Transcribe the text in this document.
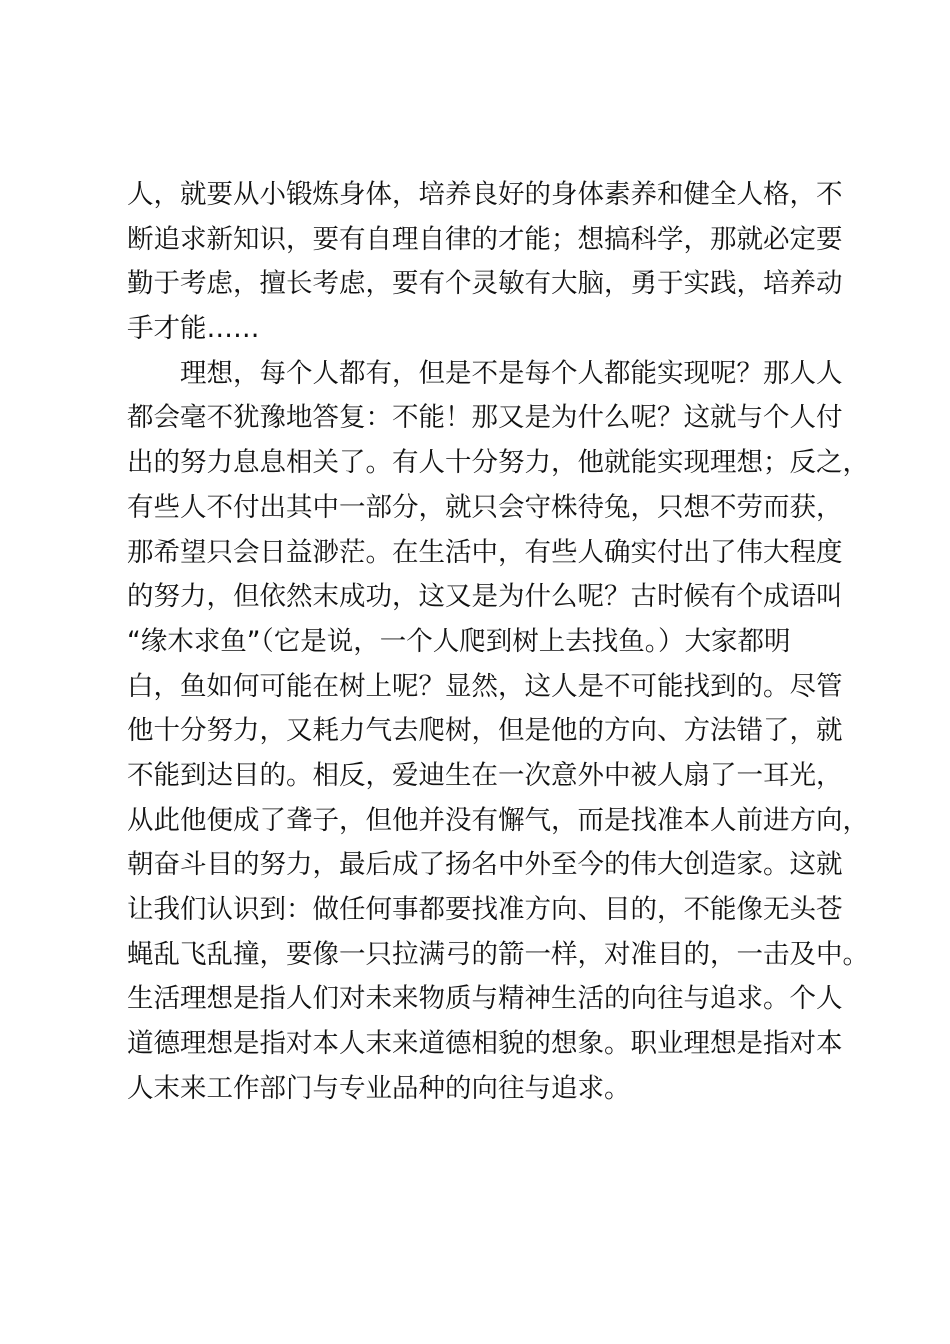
人，就要从小锻炼身体，培养良好的身体素养和健全人格，不
断追求新知识，要有自理自律的才能；想搞科学，那就必定要
勤于考虑，擅长考虑，要有个灵敏有大脑，勇于实践，培养动
手才能……
理想，每个人都有，但是不是每个人都能实现呢？那人人
都会毫不犹豫地答复：不能！那又是为什么呢？这就与个人付
出的努力息息相关了。有人十分努力，他就能实现理想；反之，
有些人不付出其中一部分，就只会守株待兔，只想不劳而获，
那希望只会日益渺茫。在生活中，有些人确实付出了伟大程度
的努力，但依然末成功，这又是为什么呢？古时候有个成语叫
“缘木求鱼”（它是说，一个人爬到树上去找鱼。）大家都明
白，鱼如何可能在树上呢？显然，这人是不可能找到的。尽管
他十分努力，又耗力气去爬树，但是他的方向、方法错了，就
不能到达目的。相反，爱迪生在一次意外中被人扇了一耳光，
从此他便成了聋子，但他并没有懈气，而是找准本人前进方向，
朝奋斗目的努力，最后成了扬名中外至今的伟大创造家。这就
让我们认识到：做任何事都要找准方向、目的，不能像无头苍
蝇乱飞乱撞，要像一只拉满弓的箭一样，对准目的，一击及中。
生活理想是指人们对未来物质与精神生活的向往与追求。个人
道德理想是指对本人末来道德相貌的想象。职业理想是指对本
人末来工作部门与专业品种的向往与追求。
